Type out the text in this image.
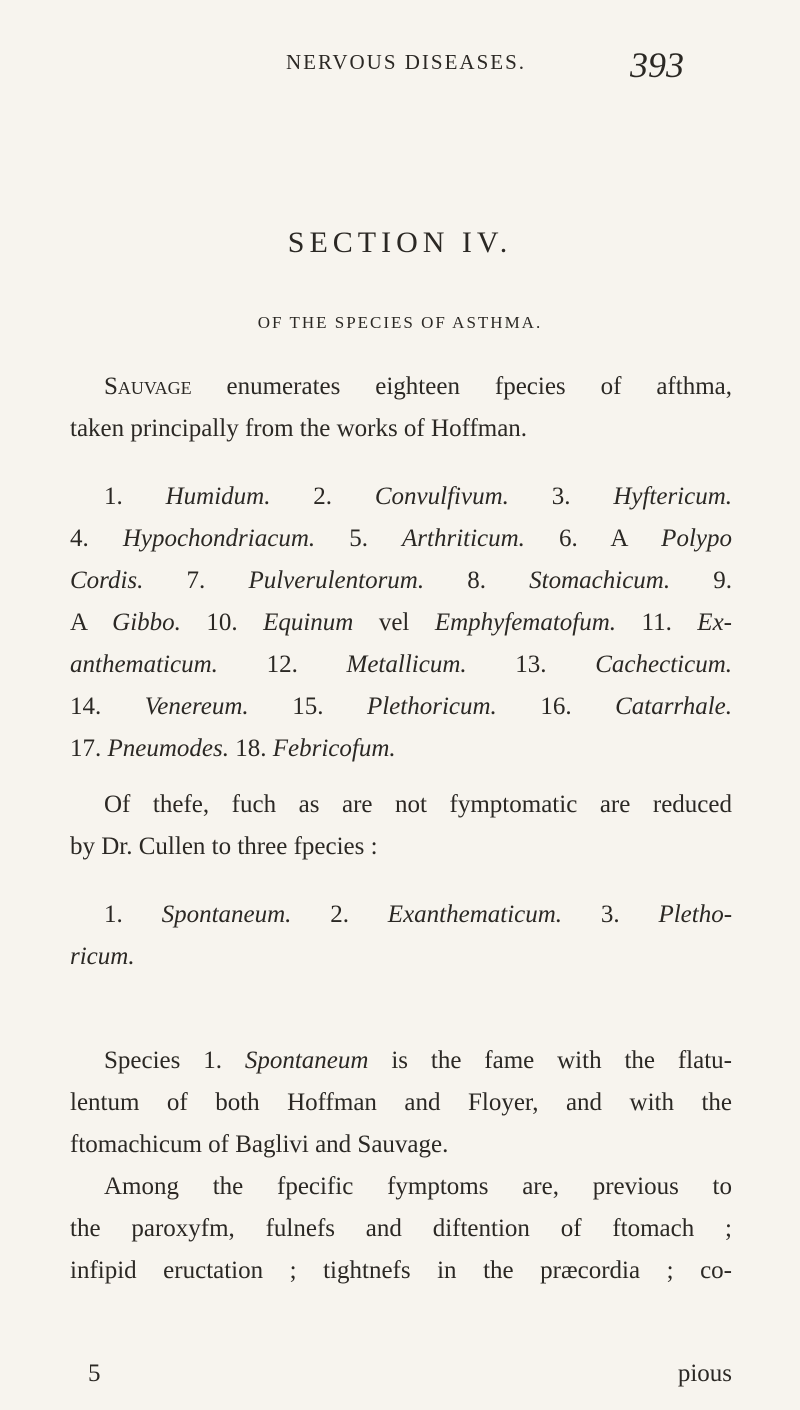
NERVOUS DISEASES.	393
SECTION IV.
OF THE SPECIES OF ASTHMA.

Sauvage enumerates eighteen fpecies of afthma,

taken principally from the works of Hoffman.

1. Humidum. 2. Convulfivum. 3. Hyftericum.

4. Hypochondriacum. 5. Arthriticum. 6. A Polypo

Cordis. 7. Pulverulentorum. 8. Stomachicum. 9.

A Gibbo. 10. Equinum vel Emphyfematofum. 11. Ex-

anthematicum. 12. Metallicum. 13. Cachecticum.

14. Venereum. 15. Plethoricum. 16. Catarrhale.

17. Pneumodes. 18. Febricofum.

Of thefe, fuch as are not fymptomatic are reduced

by Dr. Cullen to three fpecies :

1. Spontaneum. 2. Exanthematicum. 3. Pletho-

ricum.

Species 1. Spontaneum is the fame with the flatu-

lentum of both Hoffman and Floyer, and with the

ftomachicum of Baglivi and Sauvage.

Among the fpecific fymptoms are, previous to

the paroxyfm, fulnefs and diftention of ftomach ;

infipid eructation ; tightnefs in the præcordia ; co-

5	pious
